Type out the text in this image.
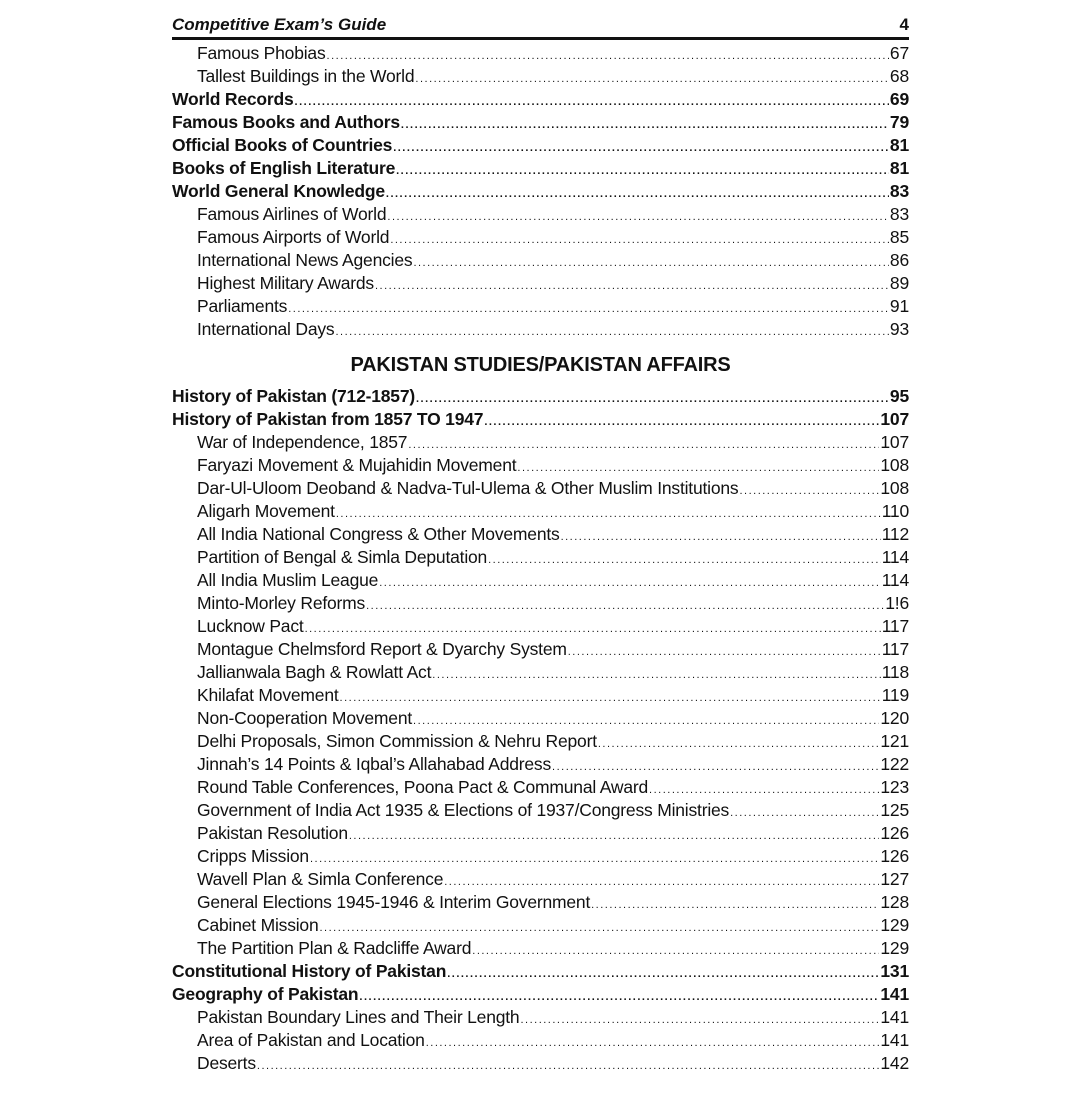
Competitive Exam’s Guide	4
Famous Phobias .....	67
Tallest Buildings in the World .....	68
World Records .....	69
Famous Books and Authors .....	79
Official Books of Countries .....	81
Books of English Literature .....	81
World General Knowledge .....	83
Famous Airlines of World .....	83
Famous Airports of World .....	85
International News Agencies .....	86
Highest Military Awards .....	89
Parliaments .....	91
International Days .....	93
PAKISTAN STUDIES/PAKISTAN AFFAIRS
History of Pakistan (712-1857) .....	95
History of Pakistan from 1857 TO 1947 .....	107
War of Independence, 1857 .....	107
Faryazi Movement & Mujahidin Movement .....	108
Dar-Ul-Uloom Deoband & Nadva-Tul-Ulema & Other Muslim Institutions .....	108
Aligarh Movement .....	110
All India National Congress & Other Movements .....	112
Partition of Bengal & Simla Deputation .....	114
All India Muslim League .....	114
Minto-Morley Reforms .....	1!6
Lucknow Pact .....	117
Montague Chelmsford Report & Dyarchy System .....	117
Jallianwala Bagh & Rowlatt Act .....	118
Khilafat Movement .....	119
Non-Cooperation Movement .....	120
Delhi Proposals, Simon Commission & Nehru Report .....	121
Jinnah’s 14 Points & Iqbal’s Allahabad Address .....	122
Round Table Conferences, Poona Pact & Communal Award .....	123
Government of India Act 1935 & Elections of 1937/Congress Ministries .....	125
Pakistan Resolution .....	126
Cripps Mission .....	126
Wavell Plan & Simla Conference .....	127
General Elections 1945-1946 & Interim Government .....	128
Cabinet Mission .....	129
The Partition Plan & Radcliffe Award .....	129
Constitutional History of Pakistan .....	131
Geography of Pakistan .....	141
Pakistan Boundary Lines and Their Length .....	141
Area of Pakistan and Location .....	141
Deserts .....	142
